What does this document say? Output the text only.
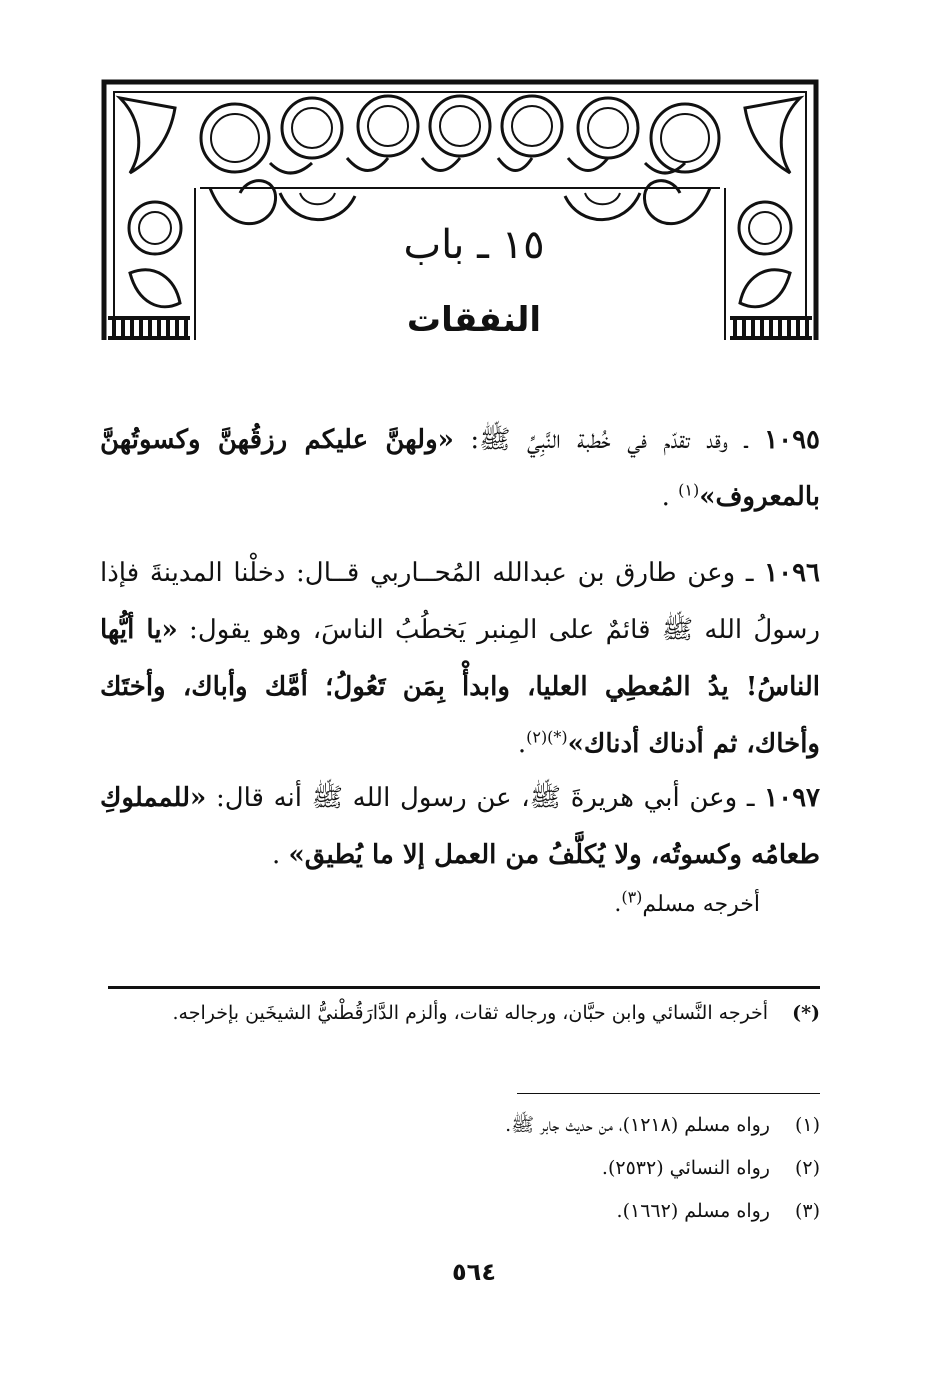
١٥ ـ باب
النفقات

١٠٩٥ ـ وقد تقدّم في خُطبة النَّبِيِّ ﷺ: «ولهنَّ عليكم رزقُهنَّ وكسوتُهنَّ بالمعروف»$^{(١)}$ .

١٠٩٦ ـ وعن طارق بن عبدالله المُحــاربي قــال: دخلْنا المدينةَ فإذا رسولُ الله ﷺ قائمٌ على المِنبر يَخطُبُ الناسَ، وهو يقول: «يا أيُّها الناسُ! يدُ المُعطِي العليا، وابدأْ بِمَن تَعُولُ؛ أمَّك وأباك، وأختَك وأخاك، ثم أدناك أدناك»$^{(*)(٢)}$.

١٠٩٧ ـ وعن أبي هريرةَ ﷺ، عن رسول الله ﷺ أنه قال: «للمملوكِ طعامُه وكسوتُه، ولا يُكلَّفُ من العمل إلا ما يُطيق» .

أخرجه مسلم$^{(٣)}$.
(*)أخرجه النَّسائي وابن حبَّان، ورجاله ثقات، وألزم الدَّارَقُطْنيُّ الشيخَين بإخراجه.
(١) رواه مسلم (١٢١٨)، من حديث جابر ﷺ.
(٢) رواه النسائي (٢٥٣٢).
(٣) رواه مسلم (١٦٦٢).
٥٦٤
